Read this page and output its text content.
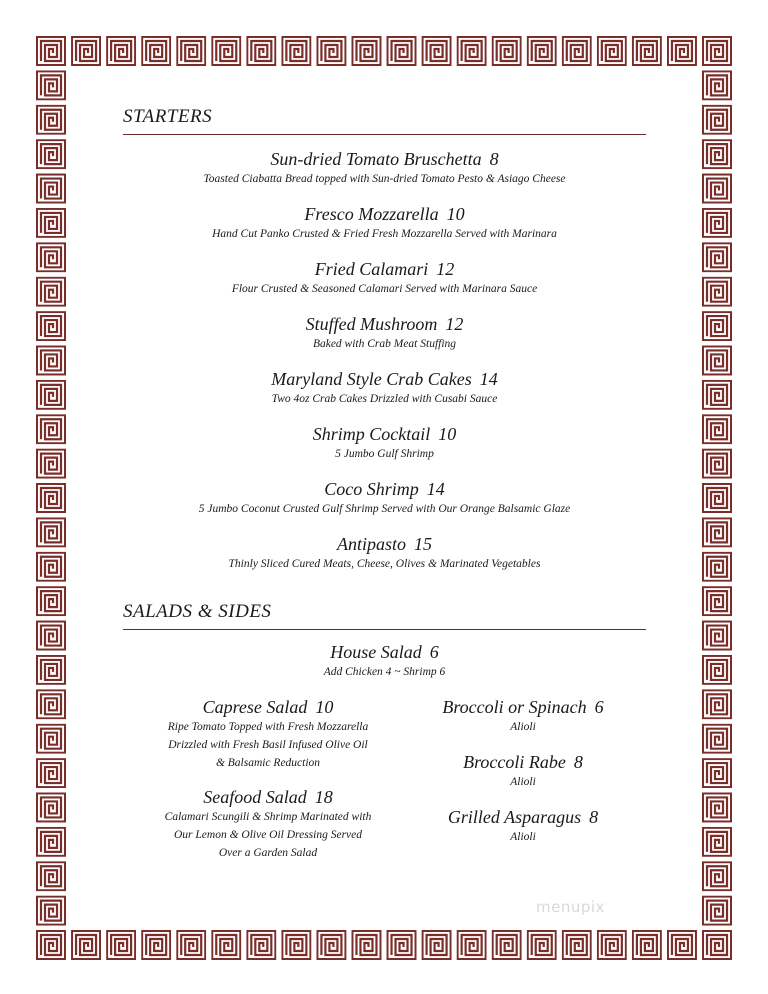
STARTERS
Sun-dried Tomato Bruschetta 8
Toasted Ciabatta Bread topped with Sun-dried Tomato Pesto & Asiago Cheese
Fresco Mozzarella 10
Hand Cut Panko Crusted & Fried Fresh Mozzarella Served with Marinara
Fried Calamari 12
Flour Crusted & Seasoned Calamari Served with Marinara Sauce
Stuffed Mushroom 12
Baked with Crab Meat Stuffing
Maryland Style Crab Cakes 14
Two 4oz Crab Cakes Drizzled with Cusabi Sauce
Shrimp Cocktail 10
5 Jumbo Gulf Shrimp
Coco Shrimp 14
5 Jumbo Coconut Crusted Gulf Shrimp Served with Our Orange Balsamic Glaze
Antipasto 15
Thinly Sliced Cured Meats, Cheese, Olives & Marinated Vegetables
SALADS & SIDES
House Salad 6
Add Chicken 4 ~ Shrimp 6
Caprese Salad 10
Ripe Tomato Topped with Fresh Mozzarella
Drizzled with Fresh Basil Infused Olive Oil
& Balsamic Reduction
Seafood Salad 18
Calamari Scungili & Shrimp Marinated with
Our Lemon & Olive Oil Dressing Served
Over a Garden Salad
Broccoli or Spinach 6
Alioli
Broccoli Rabe 8
Alioli
Grilled Asparagus 8
Alioli
menupix
